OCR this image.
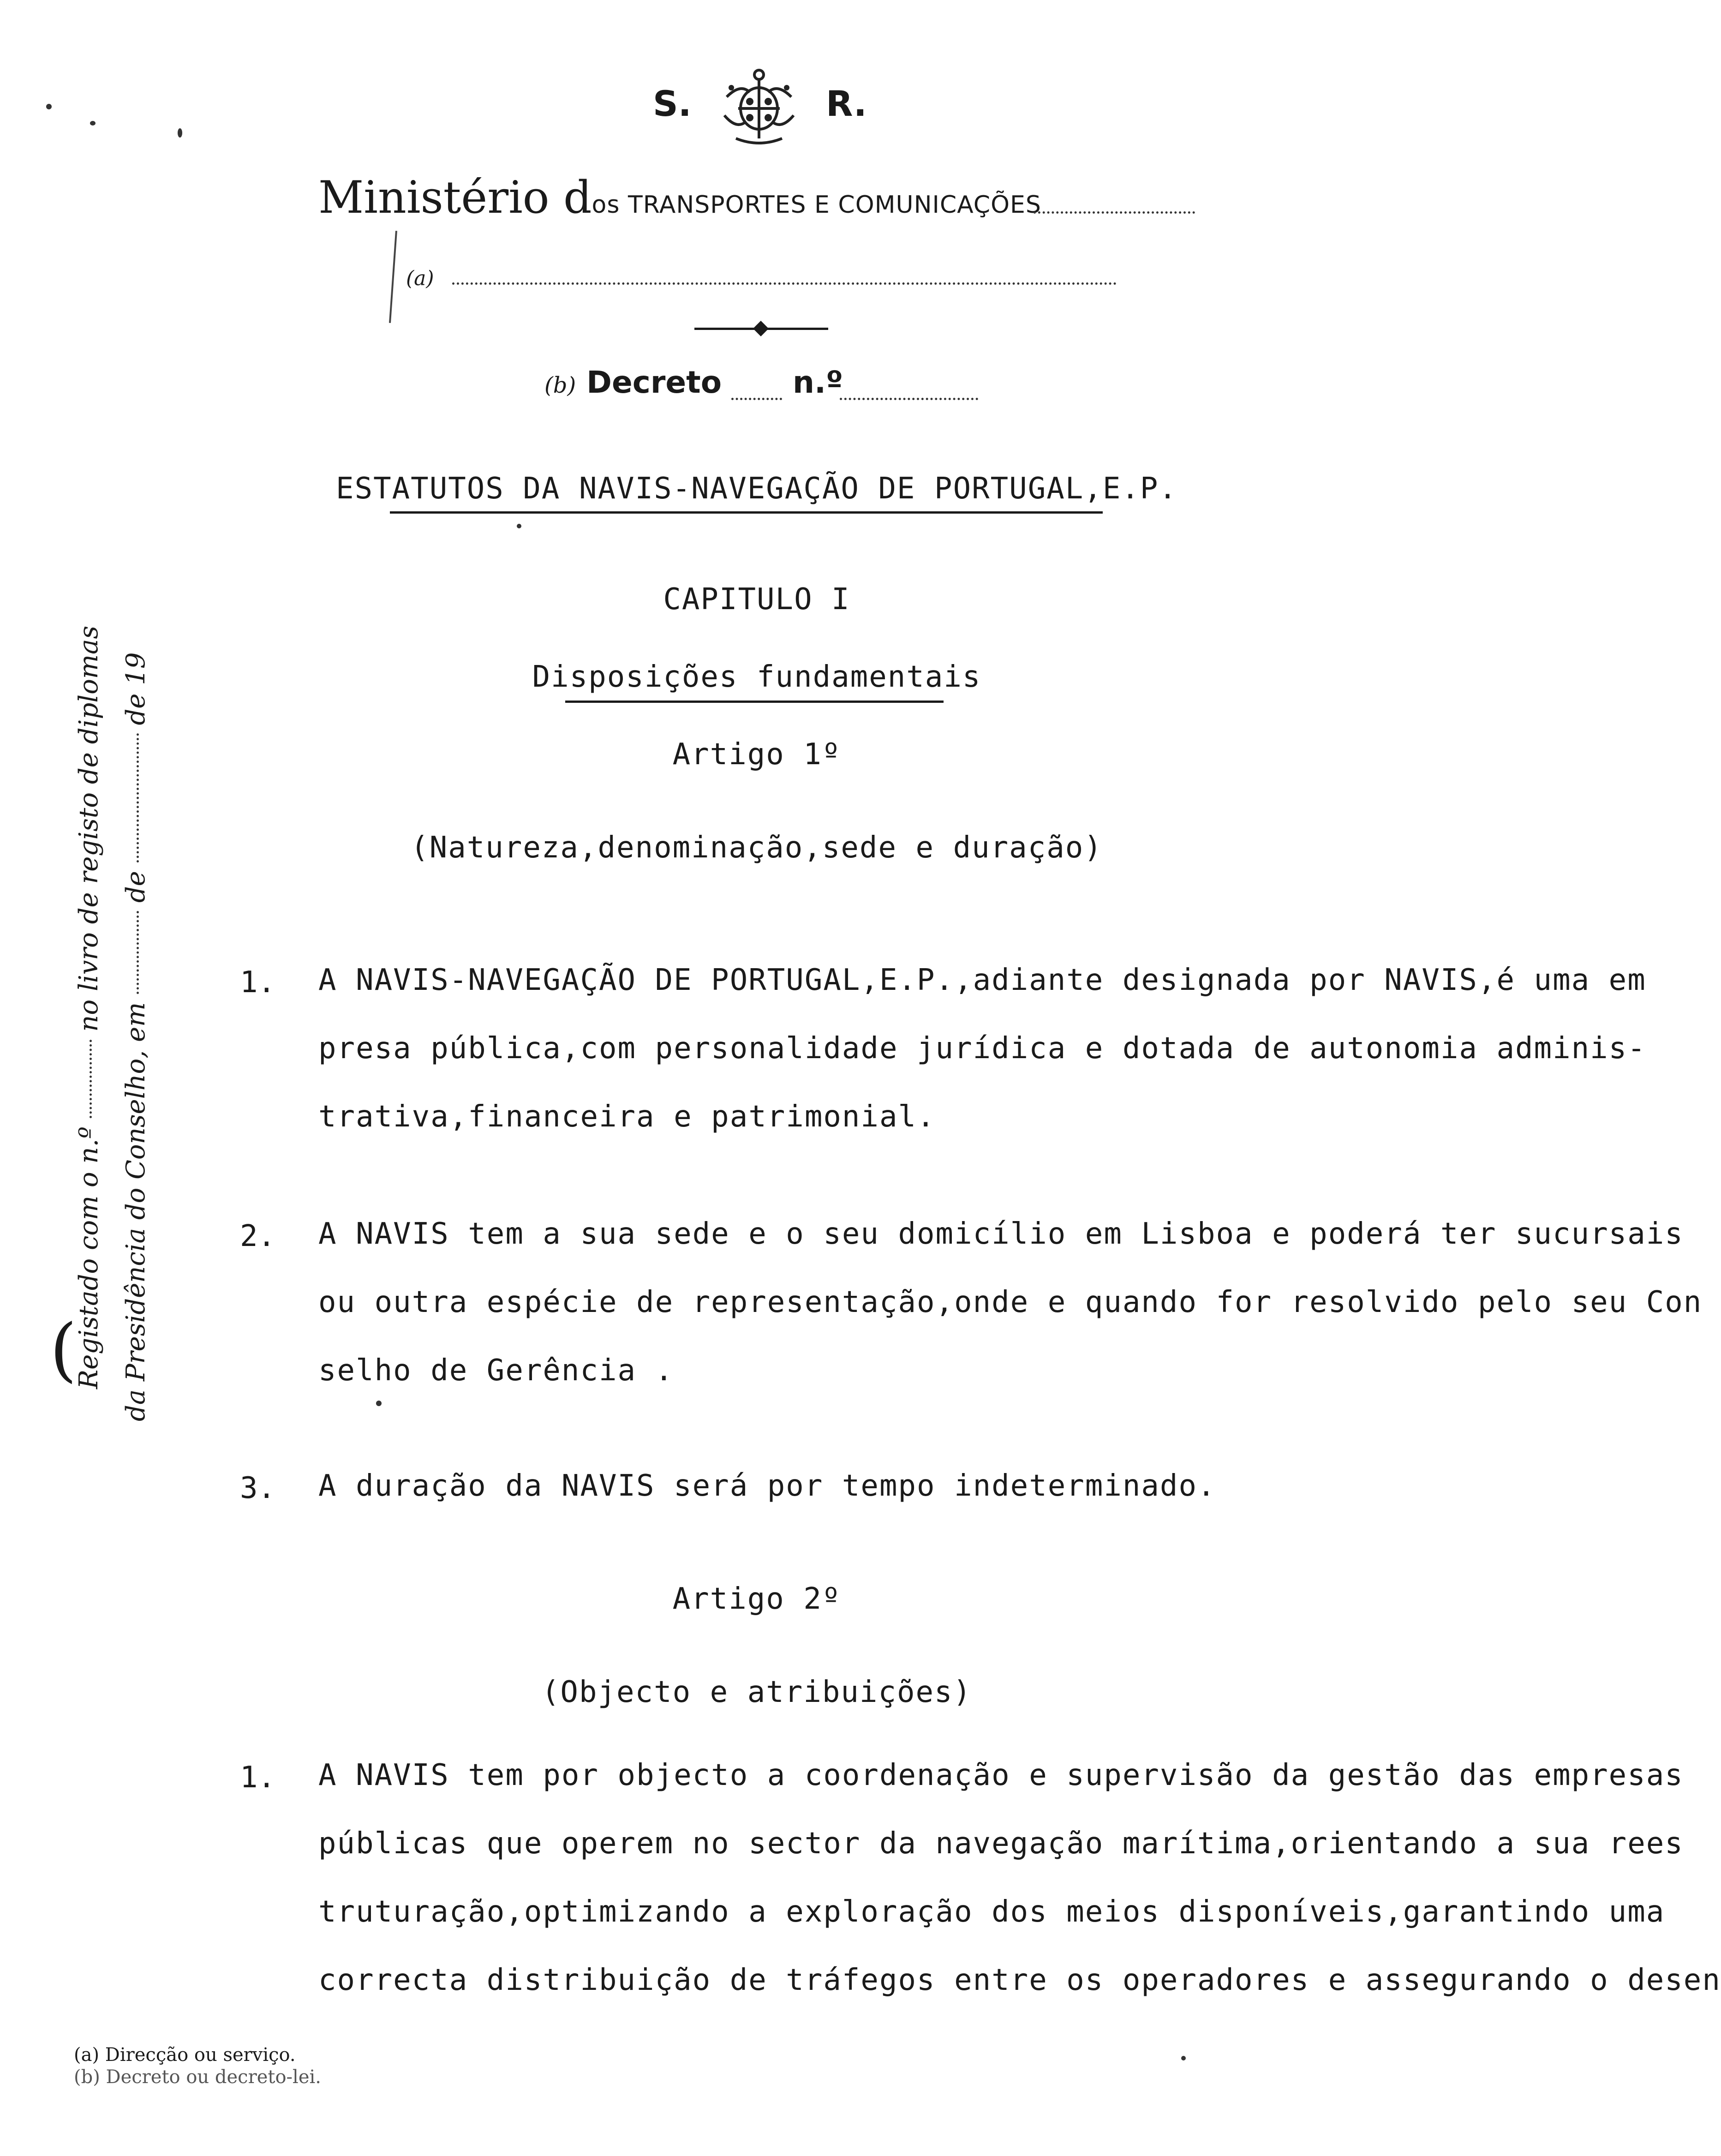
S.	R.
Ministério dos TRANSPORTES E COMUNICAÇÕES
(a)
(b) Decreto n.º
ESTATUTOS DA NAVIS-NAVEGAÇÃO DE PORTUGAL,E.P.
CAPITULO I
Disposições fundamentais
Artigo 1º
(Natureza,denominação,sede e duração)
1. A NAVIS-NAVEGAÇÃO DE PORTUGAL,E.P.,adiante designada por NAVIS,é uma em
presa pública,com personalidade jurídica e dotada de autonomia adminis-
trativa,financeira e patrimonial.
2. A NAVIS tem a sua sede e o seu domicílio em Lisboa e poderá ter sucursais
ou outra espécie de representação,onde e quando for resolvido pelo seu Con
selho de Gerência .
3. A duração da NAVIS será por tempo indeterminado.
Artigo 2º
(Objecto e atribuições)
1. A NAVIS tem por objecto a coordenação e supervisão da gestão das empresas
públicas que operem no sector da navegação marítima,orientando a sua rees
truturação,optimizando a exploração dos meios disponíveis,garantindo uma
correcta distribuição de tráfegos entre os operadores e assegurando o desen
Registado com o n.º  no livro de registo de diplomas
da Presidência do Conselho, em  de  de 19
(
(a) Direcção ou serviço.
(b) Decreto ou decreto-lei.
